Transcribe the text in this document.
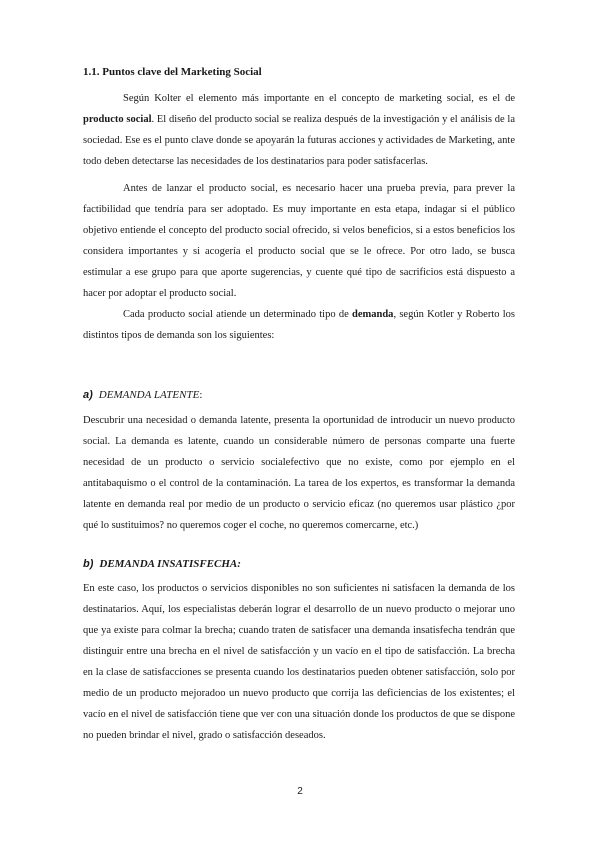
1.1. Puntos clave del Marketing Social

Según Kolter el elemento más importante en el concepto de marketing social, es el de producto social. El diseño del producto social se realiza después de la investigación y el análisis de la sociedad. Ese es el punto clave donde se apoyarán la futuras acciones y actividades de Marketing, ante todo deben detectarse las necesidades de los destinatarios para poder satisfacerlas.

Antes de lanzar el producto social, es necesario hacer una prueba previa, para prever la factibilidad que tendría para ser adoptado. Es muy importante en esta etapa, indagar si el público objetivo entiende el concepto del producto social ofrecido, si velos beneficios, si a estos beneficios los considera importantes y si acogería el producto social que se le ofrece. Por otro lado, se busca estimular a ese grupo para que aporte sugerencias, y cuente qué tipo de sacrificios está dispuesto a hacer por adoptar el producto social.

Cada producto social atiende un determinado tipo de demanda, según Kotler y Roberto los distintos tipos de demanda son los siguientes:

a) DEMANDA LATENTE:

Descubrir una necesidad o demanda latente, presenta la oportunidad de introducir un nuevo producto social. La demanda es latente, cuando un considerable número de personas comparte una fuerte necesidad de un producto o servicio socialefectivo que no existe, como por ejemplo en el antitabaquismo o el control de la contaminación. La tarea de los expertos, es transformar la demanda latente en demanda real por medio de un producto o servicio eficaz (no queremos usar plástico ¿por qué lo sustituimos? no queremos coger el coche, no queremos comercarne, etc.)

b) DEMANDA INSATISFECHA:

En este caso, los productos o servicios disponibles no son suficientes ni satisfacen la demanda de los destinatarios. Aquí, los especialistas deberán lograr el desarrollo de un nuevo producto o mejorar uno que ya existe para colmar la brecha; cuando traten de satisfacer una demanda insatisfecha tendrán que distinguir entre una brecha en el nivel de satisfacción y un vacío en el tipo de satisfacción. La brecha en la clase de satisfacciones se presenta cuando los destinatarios pueden obtener satisfacción, solo por medio de un producto mejoradoo un nuevo producto que corrija las deficiencias de los existentes; el vacío en el nivel de satisfacción tiene que ver con una situación donde los productos de que se dispone no pueden brindar el nivel, grado o satisfacción deseados.

2
